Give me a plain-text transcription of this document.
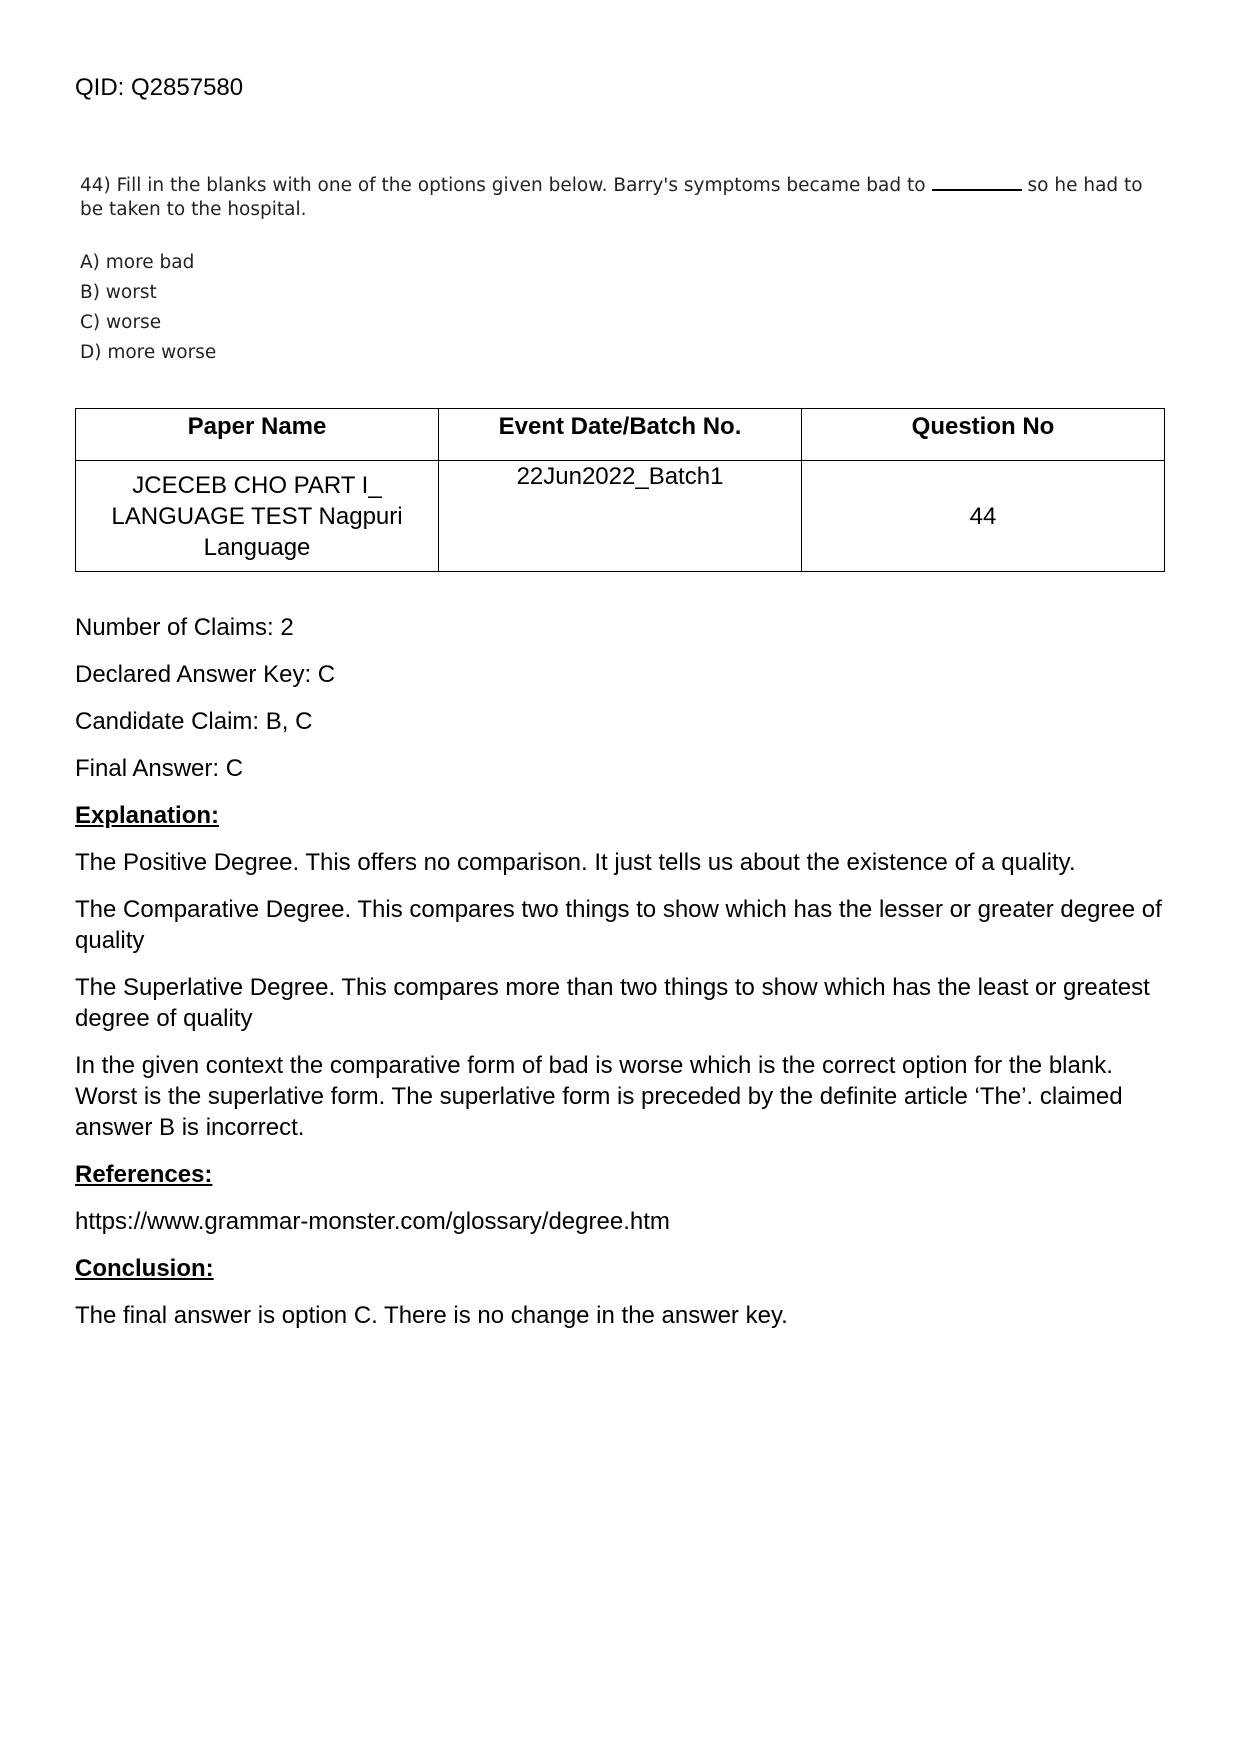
QID: Q2857580
44) Fill in the blanks with one of the options given below. Barry's symptoms became bad to	so he had to be taken to the hospital.
A) more bad
B) worst
C) worse
D) more worse
Paper Name	Event Date/Batch No.	Question No
JCECEB CHO PART I_ LANGUAGE TEST Nagpuri Language	22Jun2022_Batch1	44

Number of Claims: 2

Declared Answer Key: C

Candidate Claim: B, C

Final Answer: C

Explanation:

The Positive Degree. This offers no comparison. It just tells us about the existence of a quality.

The Comparative Degree. This compares two things to show which has the lesser or greater degree of quality

The Superlative Degree. This compares more than two things to show which has the least or greatest degree of quality

In the given context the comparative form of bad is worse which is the correct option for the blank. Worst is the superlative form. The superlative form is preceded by the definite article ‘The’. claimed answer B is incorrect.

References:

https://www.grammar-monster.com/glossary/degree.htm

Conclusion:

The final answer is option C. There is no change in the answer key.
